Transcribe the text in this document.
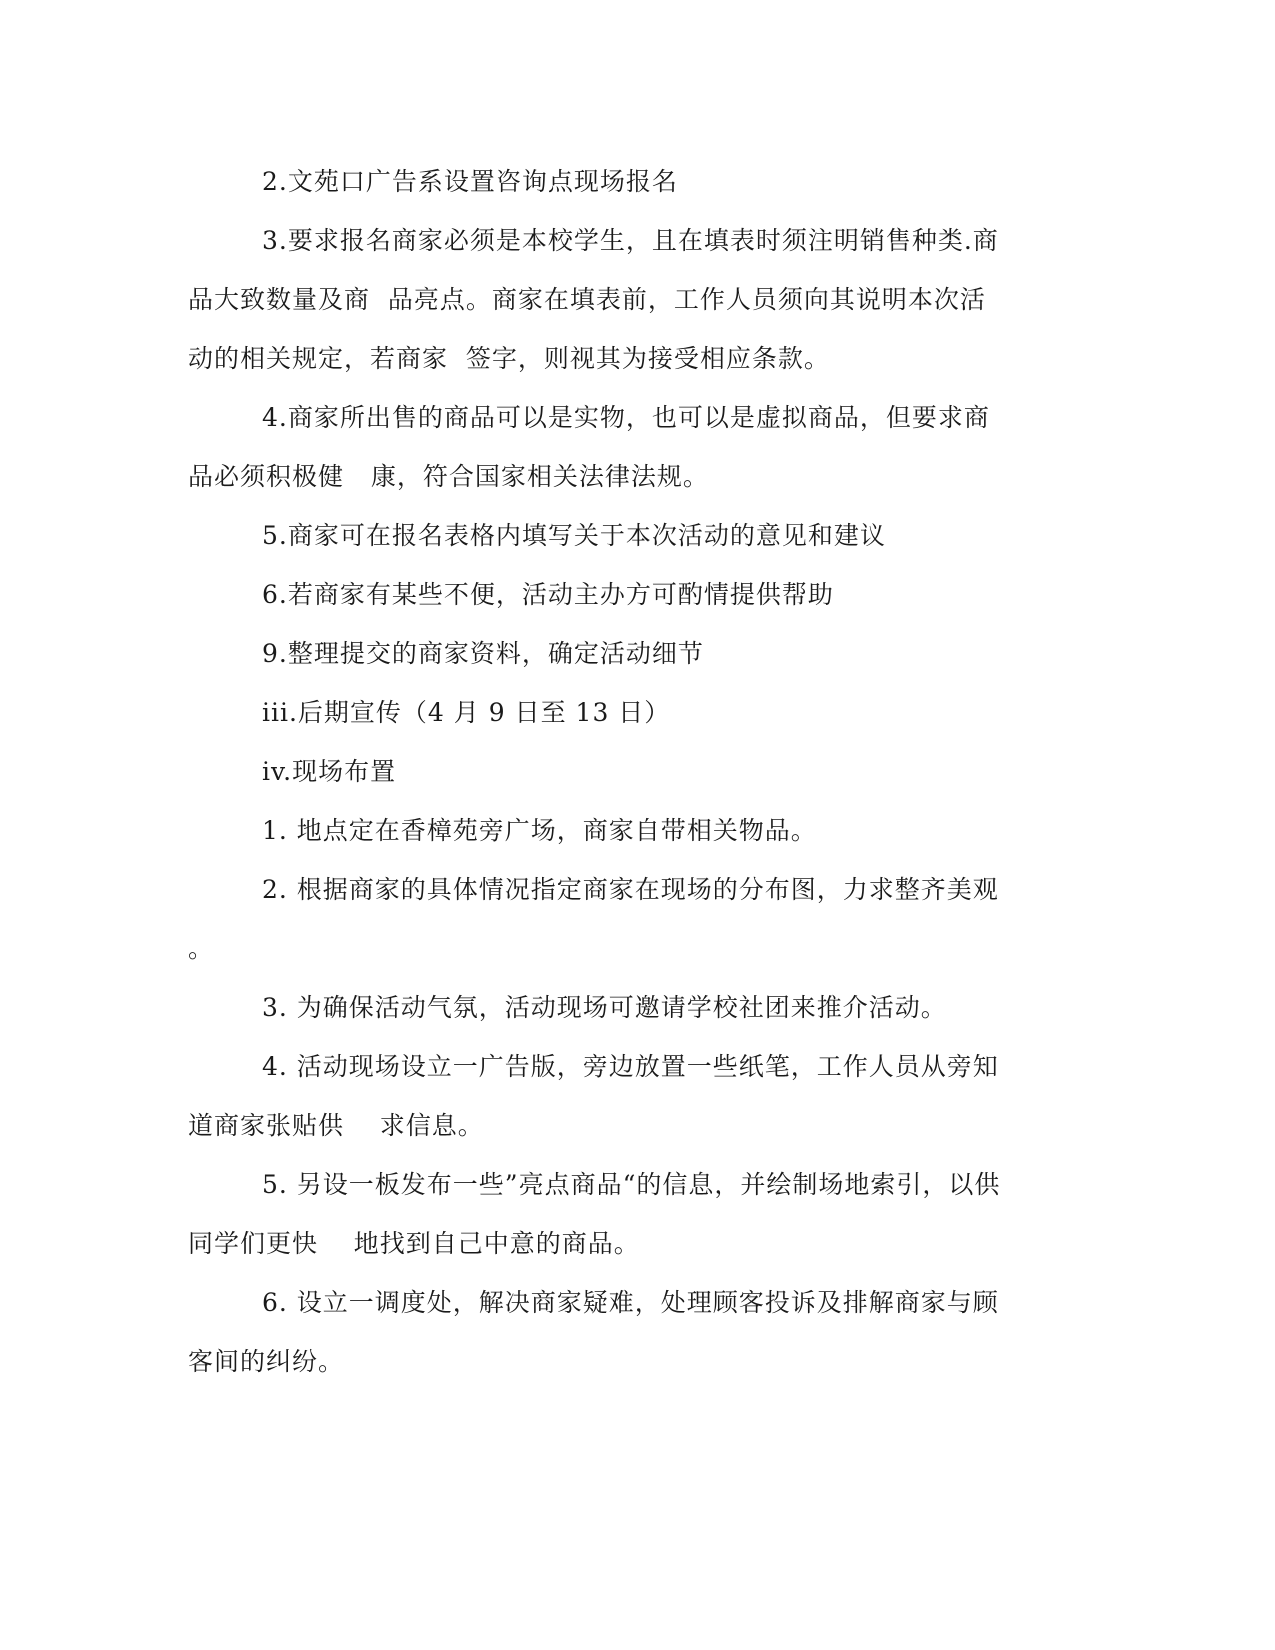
2.文苑口广告系设置咨询点现场报名
3.要求报名商家必须是本校学生，且在填表时须注明销售种类.商
品大致数量及商  品亮点。商家在填表前，工作人员须向其说明本次活
动的相关规定，若商家  签字，则视其为接受相应条款。
4.商家所出售的商品可以是实物，也可以是虚拟商品，但要求商
品必须积极健   康，符合国家相关法律法规。
5.商家可在报名表格内填写关于本次活动的意见和建议
6.若商家有某些不便，活动主办方可酌情提供帮助
9.整理提交的商家资料，确定活动细节
iii.后期宣传（4 月 9 日至 13 日）
iv.现场布置
1. 地点定在香樟苑旁广场，商家自带相关物品。
2. 根据商家的具体情况指定商家在现场的分布图，力求整齐美观
。
3. 为确保活动气氛，活动现场可邀请学校社团来推介活动。
4. 活动现场设立一广告版，旁边放置一些纸笔，工作人员从旁知
道商家张贴供    求信息。
5. 另设一板发布一些”亮点商品“的信息，并绘制场地索引，以供
同学们更快    地找到自己中意的商品。
6. 设立一调度处，解决商家疑难，处理顾客投诉及排解商家与顾
客间的纠纷。
